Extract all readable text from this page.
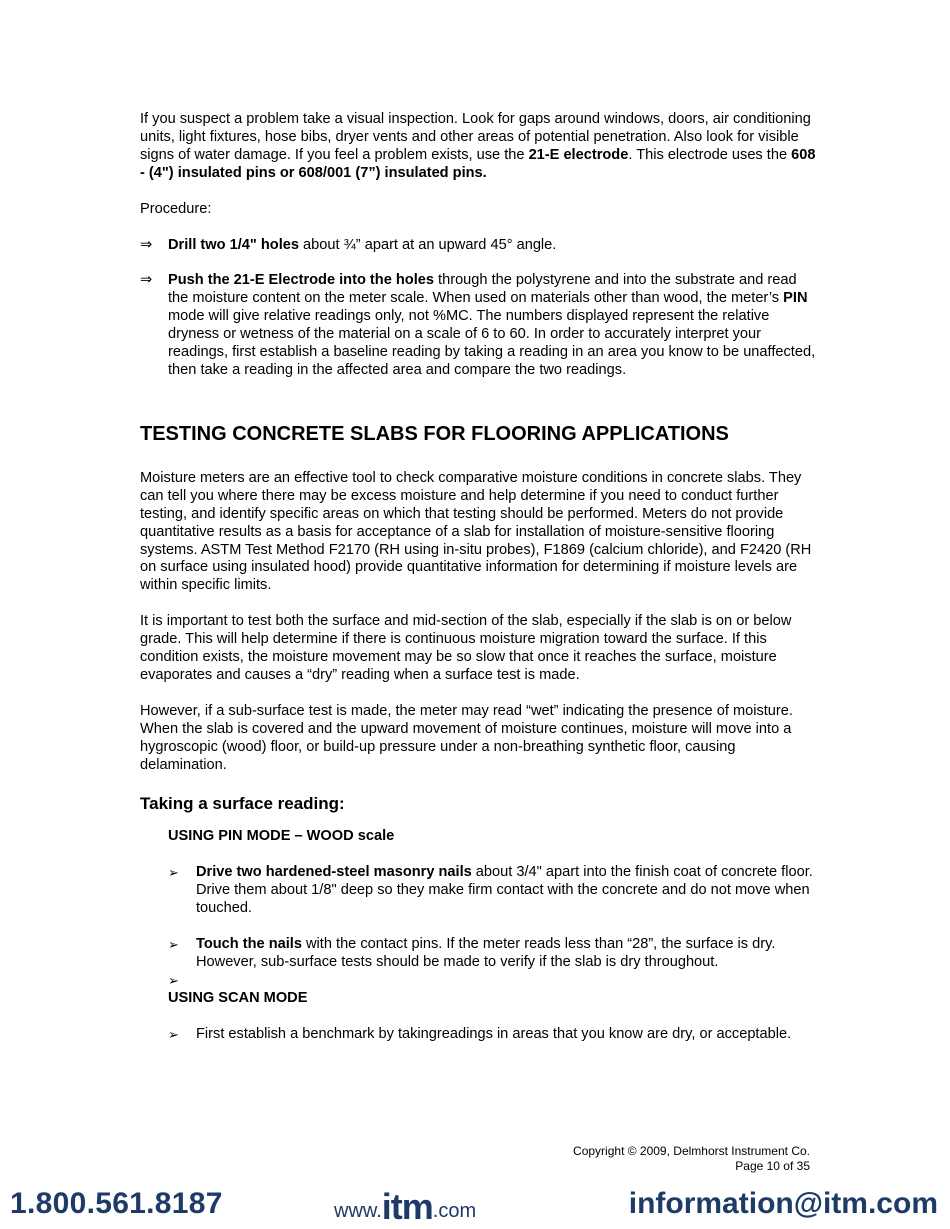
If you suspect a problem take a visual inspection. Look for gaps around windows, doors, air conditioning units, light fixtures, hose bibs, dryer vents and other areas of potential penetration. Also look for visible signs of water damage. If you feel a problem exists, use the 21-E electrode. This electrode uses the 608 - (4") insulated pins or 608/001 (7”) insulated pins.

Procedure:

⇒ Drill two 1/4" holes about ¾” apart at an upward 45° angle.

⇒ Push the 21-E Electrode into the holes through the polystyrene and into the substrate and read the moisture content on the meter scale. When used on materials other than wood, the meter’s PIN mode will give relative readings only, not %MC. The numbers displayed represent the relative dryness or wetness of the material on a scale of 6 to 60. In order to accurately interpret your readings, first establish a baseline reading by taking a reading in an area you know to be unaffected, then take a reading in the affected area and compare the two readings.

TESTING CONCRETE SLABS FOR FLOORING APPLICATIONS

Moisture meters are an effective tool to check comparative moisture conditions in concrete slabs. They can tell you where there may be excess moisture and help determine if you need to conduct further testing, and identify specific areas on which that testing should be performed. Meters do not provide quantitative results as a basis for acceptance of a slab for installation of moisture-sensitive flooring systems. ASTM Test Method F2170 (RH using in-situ probes), F1869 (calcium chloride), and F2420 (RH on surface using insulated hood) provide quantitative information for determining if moisture levels are within specific limits.

It is important to test both the surface and mid-section of the slab, especially if the slab is on or below grade. This will help determine if there is continuous moisture migration toward the surface. If this condition exists, the moisture movement may be so slow that once it reaches the surface, moisture evaporates and causes a “dry” reading when a surface test is made.

However, if a sub-surface test is made, the meter may read “wet” indicating the presence of moisture. When the slab is covered and the upward movement of moisture continues, moisture will move into a hygroscopic (wood) floor, or build-up pressure under a non-breathing synthetic floor, causing delamination.

Taking a surface reading:

USING PIN MODE – WOOD scale

➢ Drive two hardened-steel masonry nails about 3/4" apart into the finish coat of concrete floor. Drive them about 1/8" deep so they make firm contact with the concrete and do not move when touched.

➢ Touch the nails with the contact pins. If the meter reads less than “28”, the surface is dry. However, sub-surface tests should be made to verify if the slab is dry throughout.

➢

USING SCAN MODE

➢ First establish a benchmark by takingreadings in areas that you know are dry, or acceptable.

Copyright © 2009, Delmhorst Instrument Co.
Page 10 of 35
1.800.561.8187	www.itm.com	information@itm.com
